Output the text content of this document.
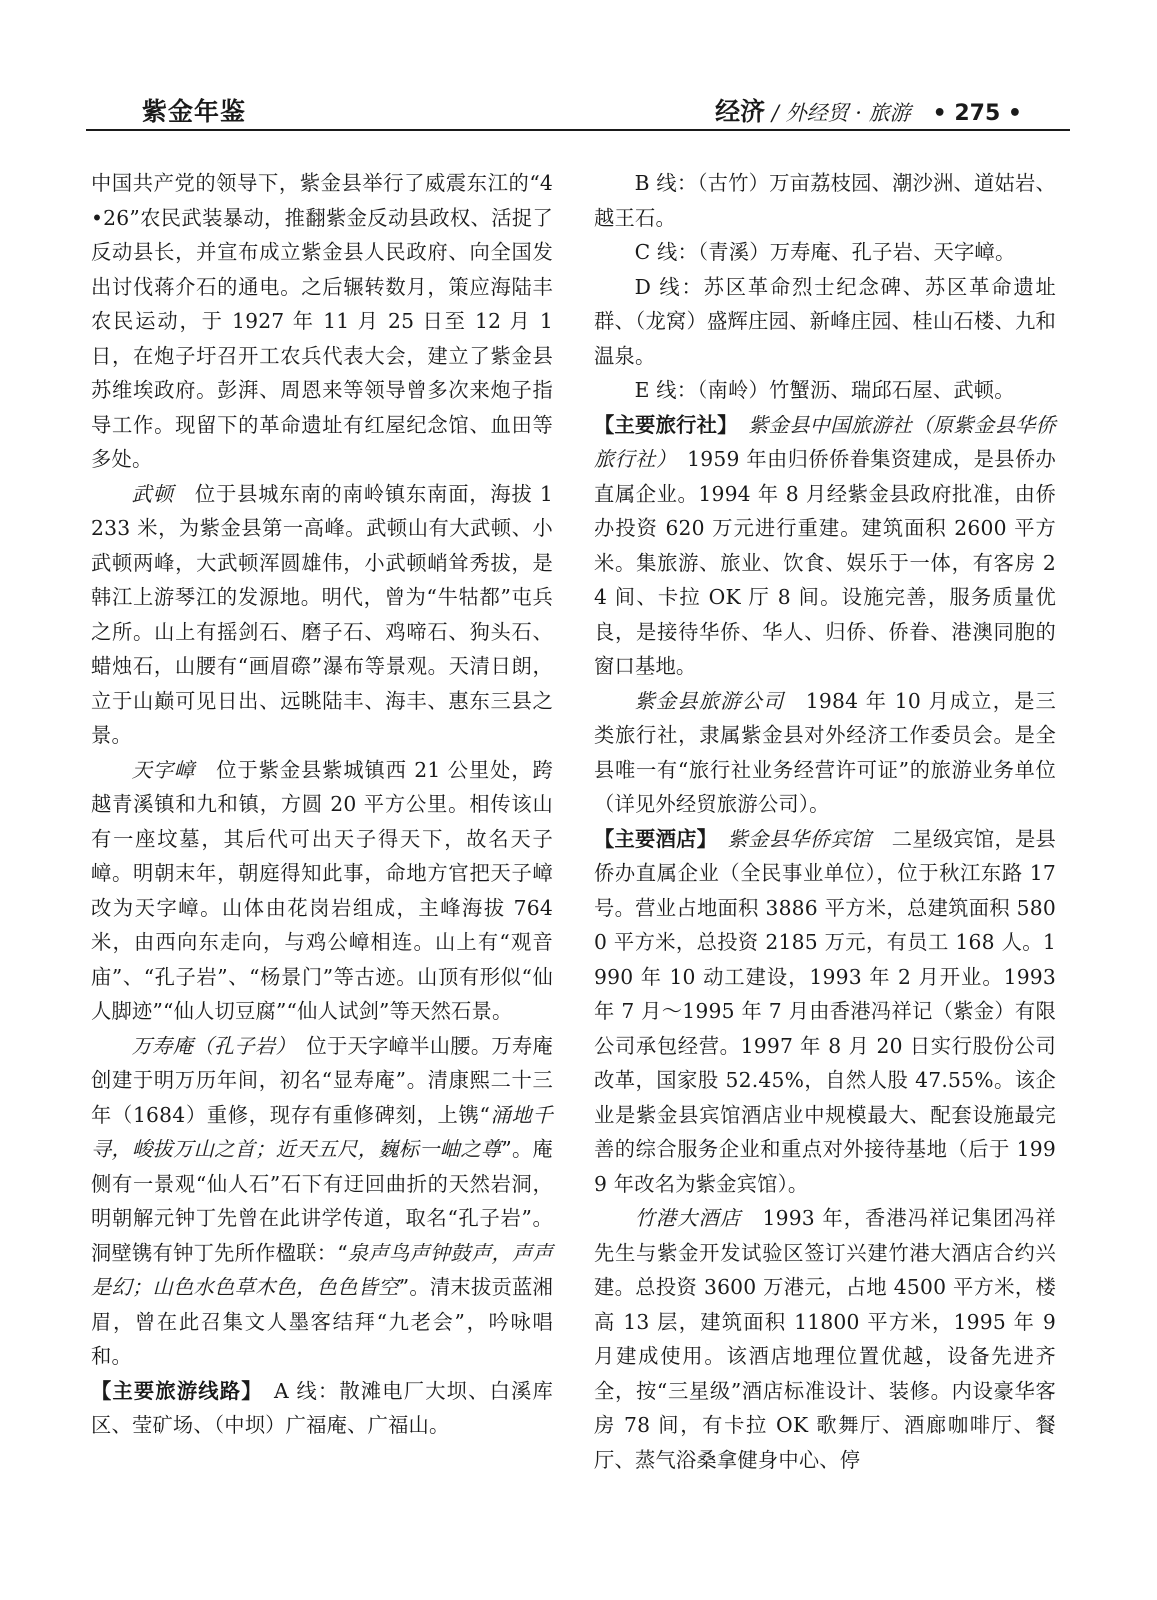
紫金年鉴	经济 / 外经贸 · 旅游 • 275 •

中国共产党的领导下，紫金县举行了威震东江的“4•26”农民武装暴动，推翻紫金反动县政权、活捉了反动县长，并宣布成立紫金县人民政府、向全国发出讨伐蒋介石的通电。之后辗转数月，策应海陆丰农民运动，于 1927 年 11 月 25 日至 12 月 1 日，在炮子圩召开工农兵代表大会，建立了紫金县苏维埃政府。彭湃、周恩来等领导曾多次来炮子指导工作。现留下的革命遗址有红屋纪念馆、血田等多处。

武顿　位于县城东南的南岭镇东南面，海拔 1233 米，为紫金县第一高峰。武顿山有大武顿、小武顿两峰，大武顿浑圆雄伟，小武顿峭耸秀拔，是韩江上游琴江的发源地。明代，曾为“牛牯都”屯兵之所。山上有摇剑石、磨子石、鸡啼石、狗头石、蜡烛石，山腰有“画眉磜”瀑布等景观。天清日朗，立于山巅可见日出、远眺陆丰、海丰、惠东三县之景。

天字嶂　位于紫金县紫城镇西 21 公里处，跨越青溪镇和九和镇，方圆 20 平方公里。相传该山有一座坟墓，其后代可出天子得天下，故名天子嶂。明朝末年，朝庭得知此事，命地方官把天子嶂改为天字嶂。山体由花岗岩组成，主峰海拔 764 米，由西向东走向，与鸡公嶂相连。山上有“观音庙”、“孔子岩”、“杨景门”等古迹。山顶有形似“仙人脚迹”“仙人切豆腐”“仙人试剑”等天然石景。

万寿庵（孔子岩）　位于天字嶂半山腰。万寿庵创建于明万历年间，初名“显寿庵”。清康熙二十三年（1684）重修，现存有重修碑刻，上镌“涌地千寻，峻拔万山之首；近天五尺，巍标一岫之尊”。庵侧有一景观“仙人石”石下有迂回曲折的天然岩洞，明朝解元钟丁先曾在此讲学传道，取名“孔子岩”。洞壁镌有钟丁先所作楹联：“泉声鸟声钟鼓声，声声是幻；山色水色草木色，色色皆空”。清末拔贡蓝湘眉，曾在此召集文人墨客结拜“九老会”，吟咏唱和。

【主要旅游线路】　A 线：散滩电厂大坝、白溪库区、莹矿场、（中坝）广福庵、广福山。

B 线：（古竹）万亩荔枝园、潮沙洲、道姑岩、越王石。

C 线：（青溪）万寿庵、孔子岩、天字嶂。

D 线：苏区革命烈士纪念碑、苏区革命遗址群、（龙窝）盛辉庄园、新峰庄园、桂山石楼、九和温泉。

E 线：（南岭）竹蟹沥、瑞邱石屋、武顿。

【主要旅行社】　紫金县中国旅游社（原紫金县华侨旅行社）　1959 年由归侨侨眷集资建成，是县侨办直属企业。1994 年 8 月经紫金县政府批准，由侨办投资 620 万元进行重建。建筑面积 2600 平方米。集旅游、旅业、饮食、娱乐于一体，有客房 24 间、卡拉 OK 厅 8 间。设施完善，服务质量优良，是接待华侨、华人、归侨、侨眷、港澳同胞的窗口基地。

紫金县旅游公司　1984 年 10 月成立，是三类旅行社，隶属紫金县对外经济工作委员会。是全县唯一有“旅行社业务经营许可证”的旅游业务单位（详见外经贸旅游公司）。

【主要酒店】　紫金县华侨宾馆　二星级宾馆，是县侨办直属企业（全民事业单位），位于秋江东路 17 号。营业占地面积 3886 平方米，总建筑面积 5800 平方米，总投资 2185 万元，有员工 168 人。1990 年 10 动工建设，1993 年 2 月开业。1993 年 7 月～1995 年 7 月由香港冯祥记（紫金）有限公司承包经营。1997 年 8 月 20 日实行股份公司改革，国家股 52.45%，自然人股 47.55%。该企业是紫金县宾馆酒店业中规模最大、配套设施最完善的综合服务企业和重点对外接待基地（后于 1999 年改名为紫金宾馆）。

竹港大酒店　1993 年，香港冯祥记集团冯祥先生与紫金开发试验区签订兴建竹港大酒店合约兴建。总投资 3600 万港元，占地 4500 平方米，楼高 13 层，建筑面积 11800 平方米，1995 年 9 月建成使用。该酒店地理位置优越，设备先进齐全，按“三星级”酒店标准设计、装修。内设豪华客房 78 间，有卡拉 OK 歌舞厅、酒廊咖啡厅、餐厅、蒸气浴桑拿健身中心、停
